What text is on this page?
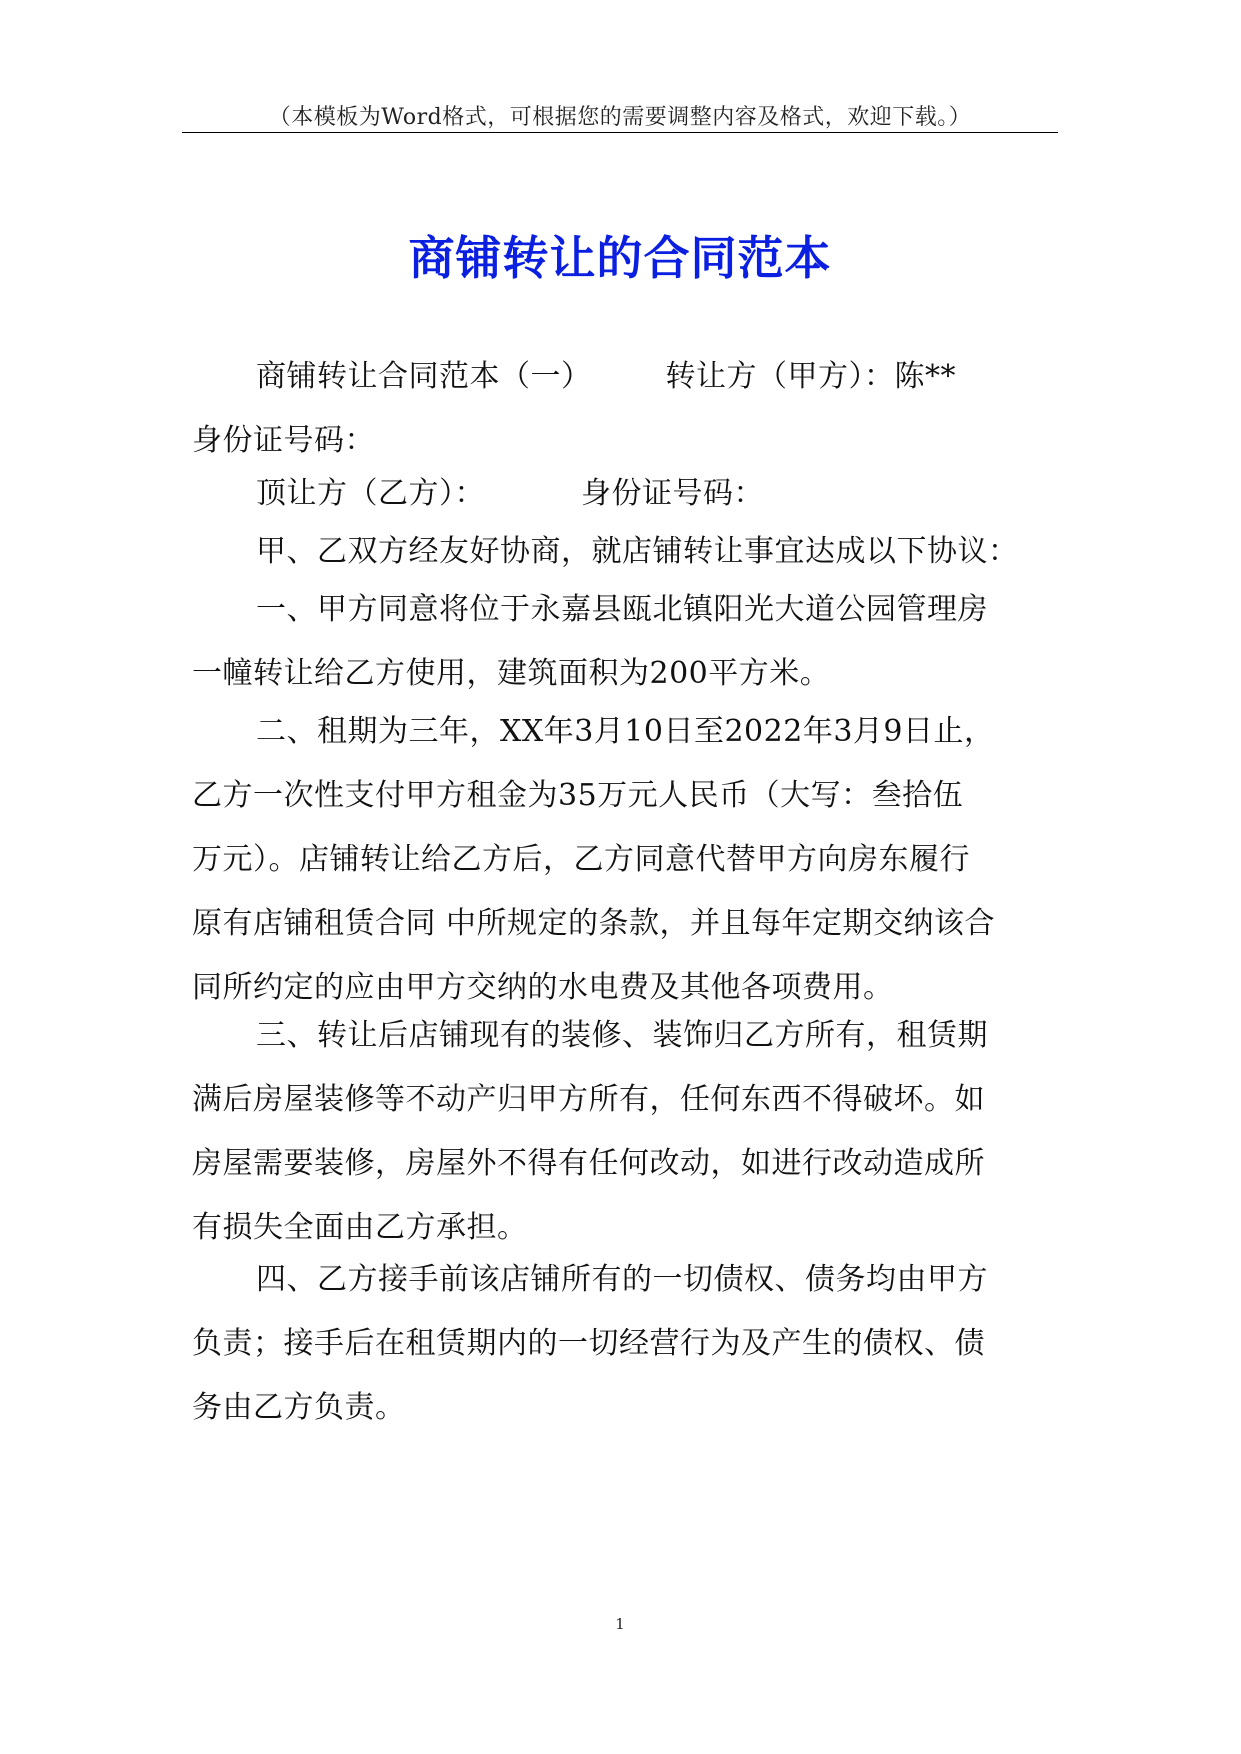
（本模板为Word格式，可根据您的需要调整内容及格式，欢迎下载。）
商铺转让的合同范本
商铺转让合同范本（一） 转让方（甲方）：陈**
身份证号码：
顶让方（乙方）：	身份证号码：
甲、乙双方经友好协商，就店铺转让事宜达成以下协议：
一、甲方同意将位于永嘉县瓯北镇阳光大道公园管理房
一幢转让给乙方使用，建筑面积为200平方米。
二、租期为三年，XX年3月10日至2022年3月9日止，
乙方一次性支付甲方租金为35万元人民币（大写：叁拾伍
万元）。店铺转让给乙方后，乙方同意代替甲方向房东履行
原有店铺租赁合同 中所规定的条款，并且每年定期交纳该合
同所约定的应由甲方交纳的水电费及其他各项费用。
三、转让后店铺现有的装修、装饰归乙方所有，租赁期
满后房屋装修等不动产归甲方所有，任何东西不得破坏。如
房屋需要装修，房屋外不得有任何改动，如进行改动造成所
有损失全面由乙方承担。
四、乙方接手前该店铺所有的一切债权、债务均由甲方
负责；接手后在租赁期内的一切经营行为及产生的债权、债
务由乙方负责。
1
